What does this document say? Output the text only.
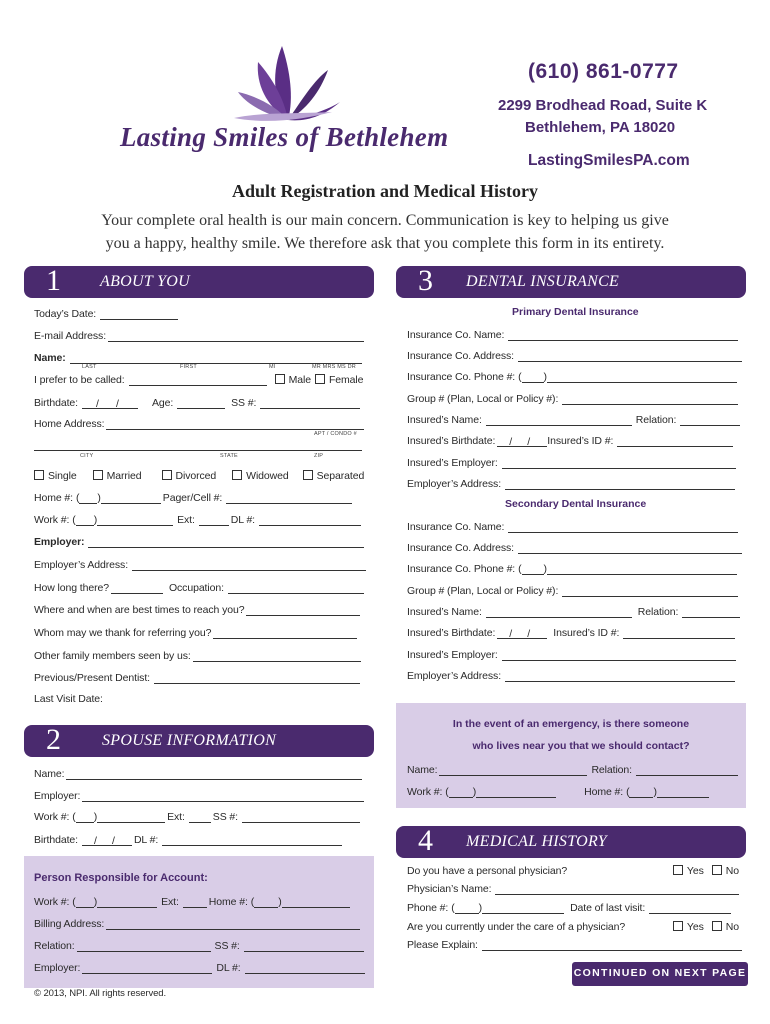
Lasting Smiles of Bethlehem
(610) 861-0777
2299 Brodhead Road, Suite K
Bethlehem, PA 18020
LastingSmilesPA.com
Adult Registration and Medical History
Your complete oral health is our main concern. Communication is key to helping us give
you a happy, healthy smile. We therefore ask that you complete this form in its entirety.
1 ABOUT YOU
Today’s Date:
E-mail Address:
Name:
LAST	FIRST	MI	MR MRS MS DR
I prefer to be called:	Male	Female
Birthdate: / /	Age:	SS #:
Home Address:
APT / CONDO #
CITY	STATE	ZIP
Single	Married	Divorced	Widowed	Separated
Home #: ( )	Pager/Cell #:
Work #: ( )	Ext:	DL #:
Employer:
Employer’s Address:
How long there?	Occupation:
Where and when are best times to reach you?
Whom may we thank for referring you?
Other family members seen by us:
Previous/Present Dentist:
Last Visit Date:
2	SPOUSE INFORMATION
Name:
Employer:
Work #: ( )	Ext:	SS #:
Birthdate: / / DL #:
Person Responsible for Account:
Work #: ( )	Ext:	Home #: ( )
Billing Address:
Relation:	SS #:
Employer:	DL #:
© 2013, NPI. All rights reserved.
3 DENTAL INSURANCE
Primary Dental Insurance
Insurance Co. Name:
Insurance Co. Address:
Insurance Co. Phone #: ( )
Group # (Plan, Local or Policy #):
Insured’s Name:	Relation:
Insured’s Birthdate: / / Insured’s ID #:
Insured’s Employer:
Employer’s Address:
Secondary Dental Insurance
Insurance Co. Name:
Insurance Co. Address:
Insurance Co. Phone #: ( )
Group # (Plan, Local or Policy #):
Insured’s Name:	Relation:
Insured’s Birthdate: / / Insured’s ID #:
Insured’s Employer:
Employer’s Address:
In the event of an emergency, is there someone
who lives near you that we should contact?
Name:	Relation:
Work #: ( )	Home #: ( )
4 MEDICAL HISTORY
Do you have a personal physician?	Yes	No
Physician’s Name:
Phone #: ( )	Date of last visit:
Are you currently under the care of a physician?	Yes	No
Please Explain:
CONTINUED ON NEXT PAGE
